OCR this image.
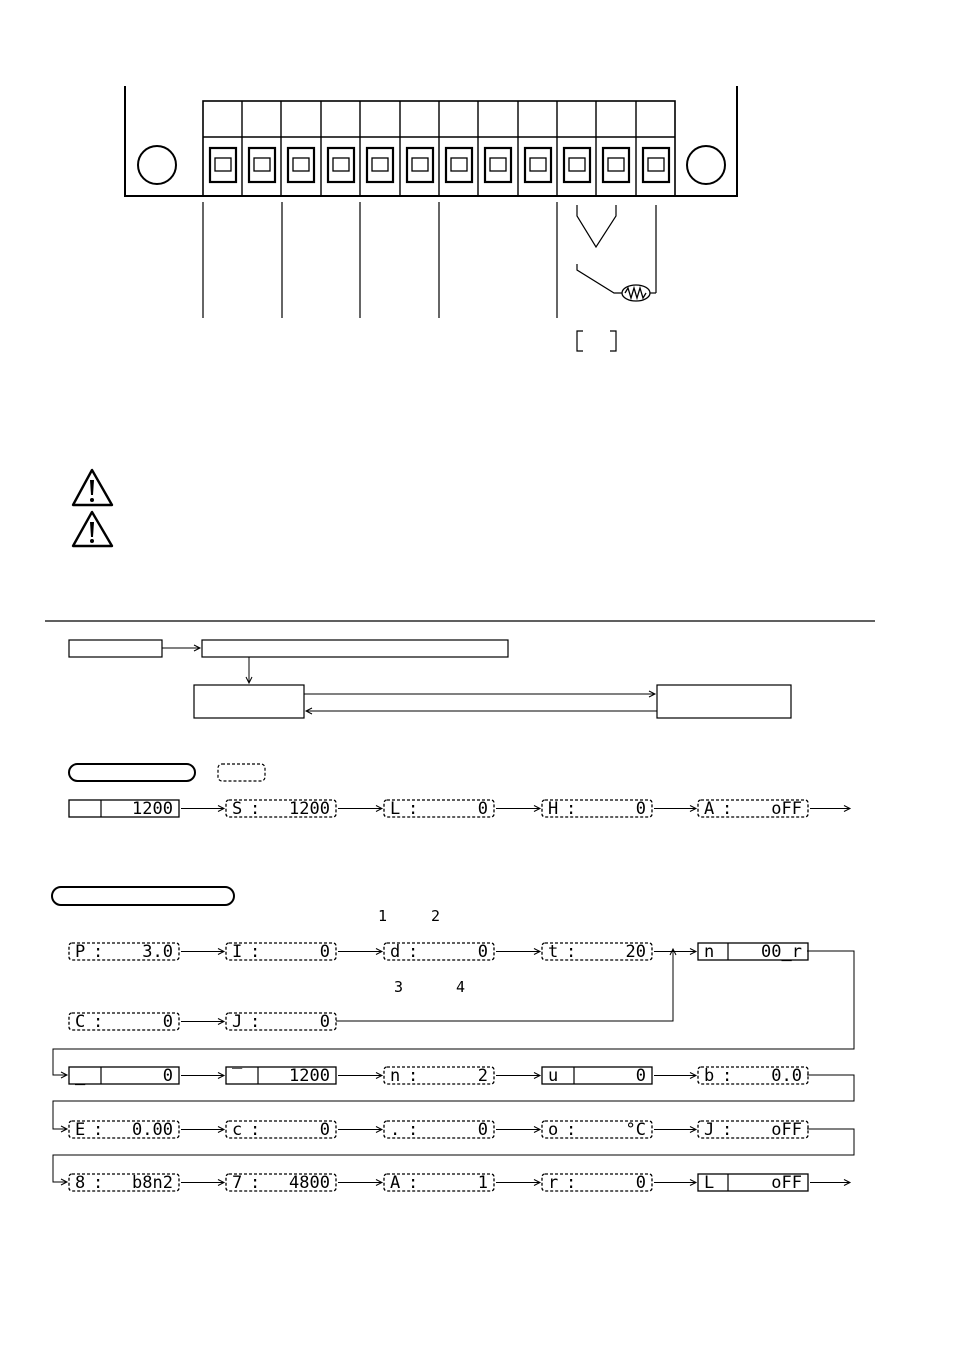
1	2
3	4
1200	:
S	1200	:
L	0	:
H	0	:
A	oFF
:
P	3.0	:
I	0	:
d	0	:
t	20	n	00_r
:
C	0	:
J	0
_	0	‾	1200	:
n	2	u	0	:
b	0.0
:
E	0.00	:
c	0	:
.	0	:
o	°C	:
J	oFF
:
8	b8n2	:
7	4800	:
A	1	:
r	0	L	oFF
